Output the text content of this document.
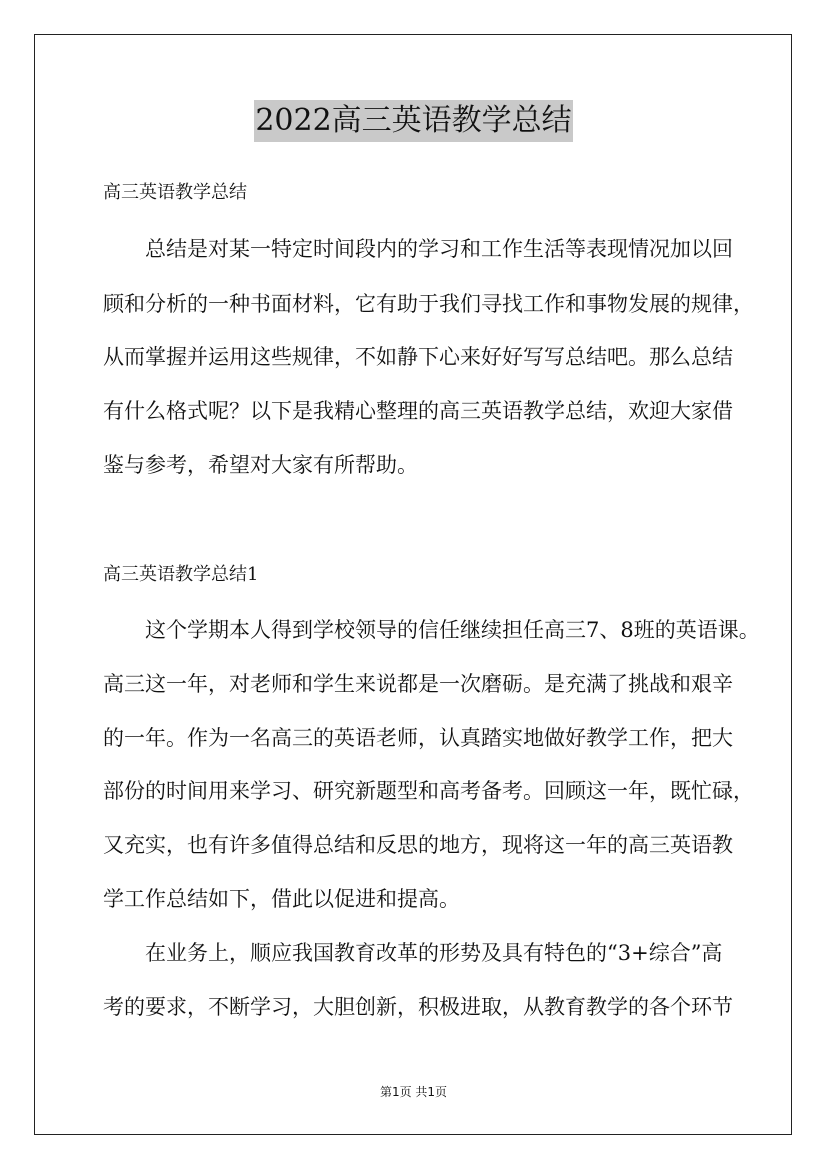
2022高三英语教学总结
高三英语教学总结
总结是对某一特定时间段内的学习和工作生活等表现情况加以回
顾和分析的一种书面材料，它有助于我们寻找工作和事物发展的规律，
从而掌握并运用这些规律，不如静下心来好好写写总结吧。那么总结
有什么格式呢？以下是我精心整理的高三英语教学总结，欢迎大家借
鉴与参考，希望对大家有所帮助。
高三英语教学总结1
这个学期本人得到学校领导的信任继续担任高三7、8班的英语课。
高三这一年，对老师和学生来说都是一次磨砺。是充满了挑战和艰辛
的一年。作为一名高三的英语老师，认真踏实地做好教学工作，把大
部份的时间用来学习、研究新题型和高考备考。回顾这一年，既忙碌，
又充实，也有许多值得总结和反思的地方，现将这一年的高三英语教
学工作总结如下，借此以促进和提高。
在业务上，顺应我国教育改革的形势及具有特色的“3+综合”高
考的要求，不断学习，大胆创新，积极进取，从教育教学的各个环节
第1页 共1页
